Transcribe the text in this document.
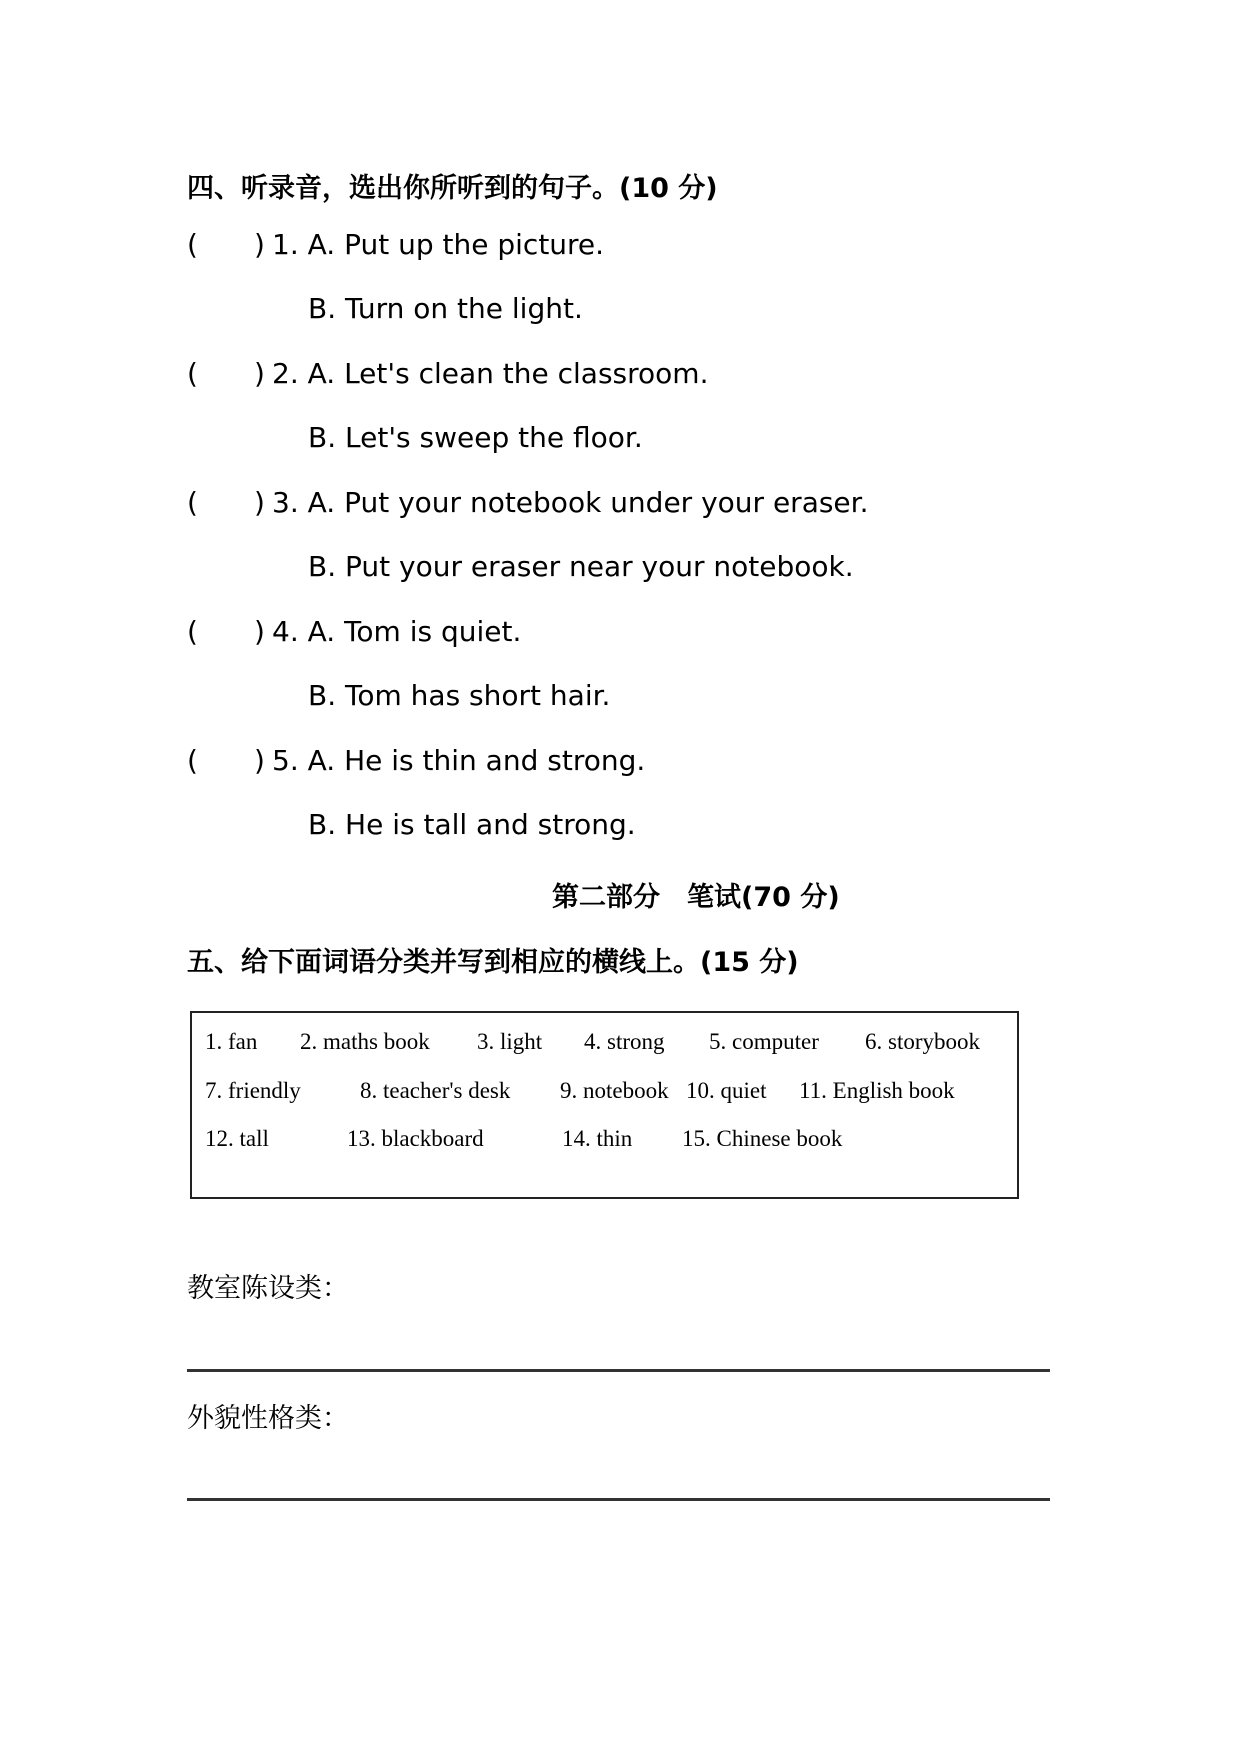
四、听录音，选出你所听到的句子。(10 分)
( ) 1. A. Put up the picture.
B. Turn on the light.
( ) 2. A. Let's clean the classroom.
B. Let's sweep the floor.
( ) 3. A. Put your notebook under your eraser.
B. Put your eraser near your notebook.
( ) 4. A. Tom is quiet.
B. Tom has short hair.
( ) 5. A. He is thin and strong.
B. He is tall and strong.
第二部分　笔试(70 分)
五、给下面词语分类并写到相应的横线上。(15 分)
1. fan 2. maths book 3. light 4. strong 5. computer 6. storybook
7. friendly	8. teacher's desk 9. notebook 10. quiet 11. English book
12. tall	13. blackboard	14. thin 15. Chinese book
教室陈设类：
外貌性格类：
